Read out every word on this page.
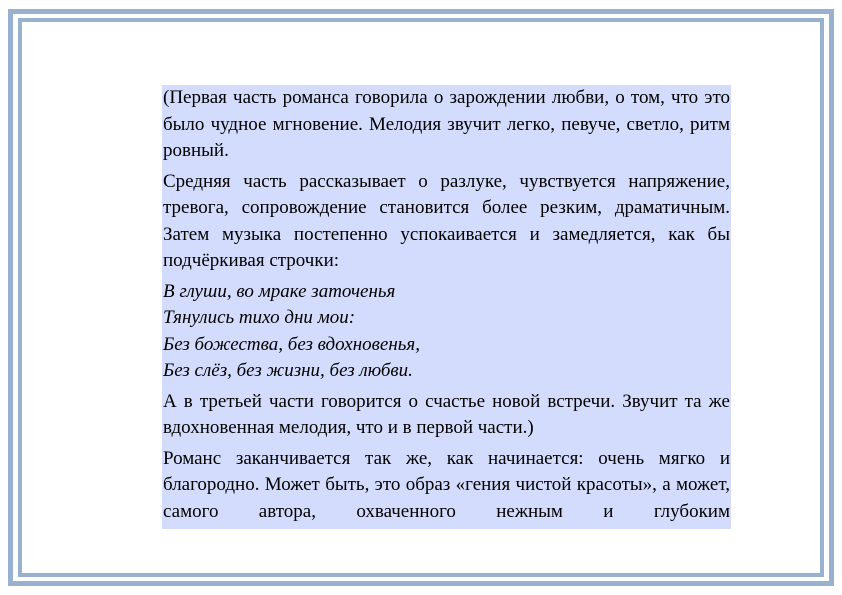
(Первая часть романса говорила о зарождении любви, о том, что это было чудное мгновение. Мелодия звучит легко, певуче, светло, ритм ровный.

Средняя часть рассказывает о разлуке, чувствуется напряжение, тревога, сопровождение становится более резким, драматичным. Затем музыка постепенно успокаивается и замедляется, как бы подчёркивая строчки:

В глуши, во мраке заточенья
Тянулись тихо дни мои:
Без божества, без вдохновенья,
Без слёз, без жизни, без любви.

А в третьей части говорится о счастье новой встречи. Звучит та же вдохновенная мелодия, что и в первой части.)

Романс заканчивается так же, как начинается: очень мягко и благородно. Может быть, это образ «гения чистой красоты», а может, самого автора, охваченного нежным и глубоким
